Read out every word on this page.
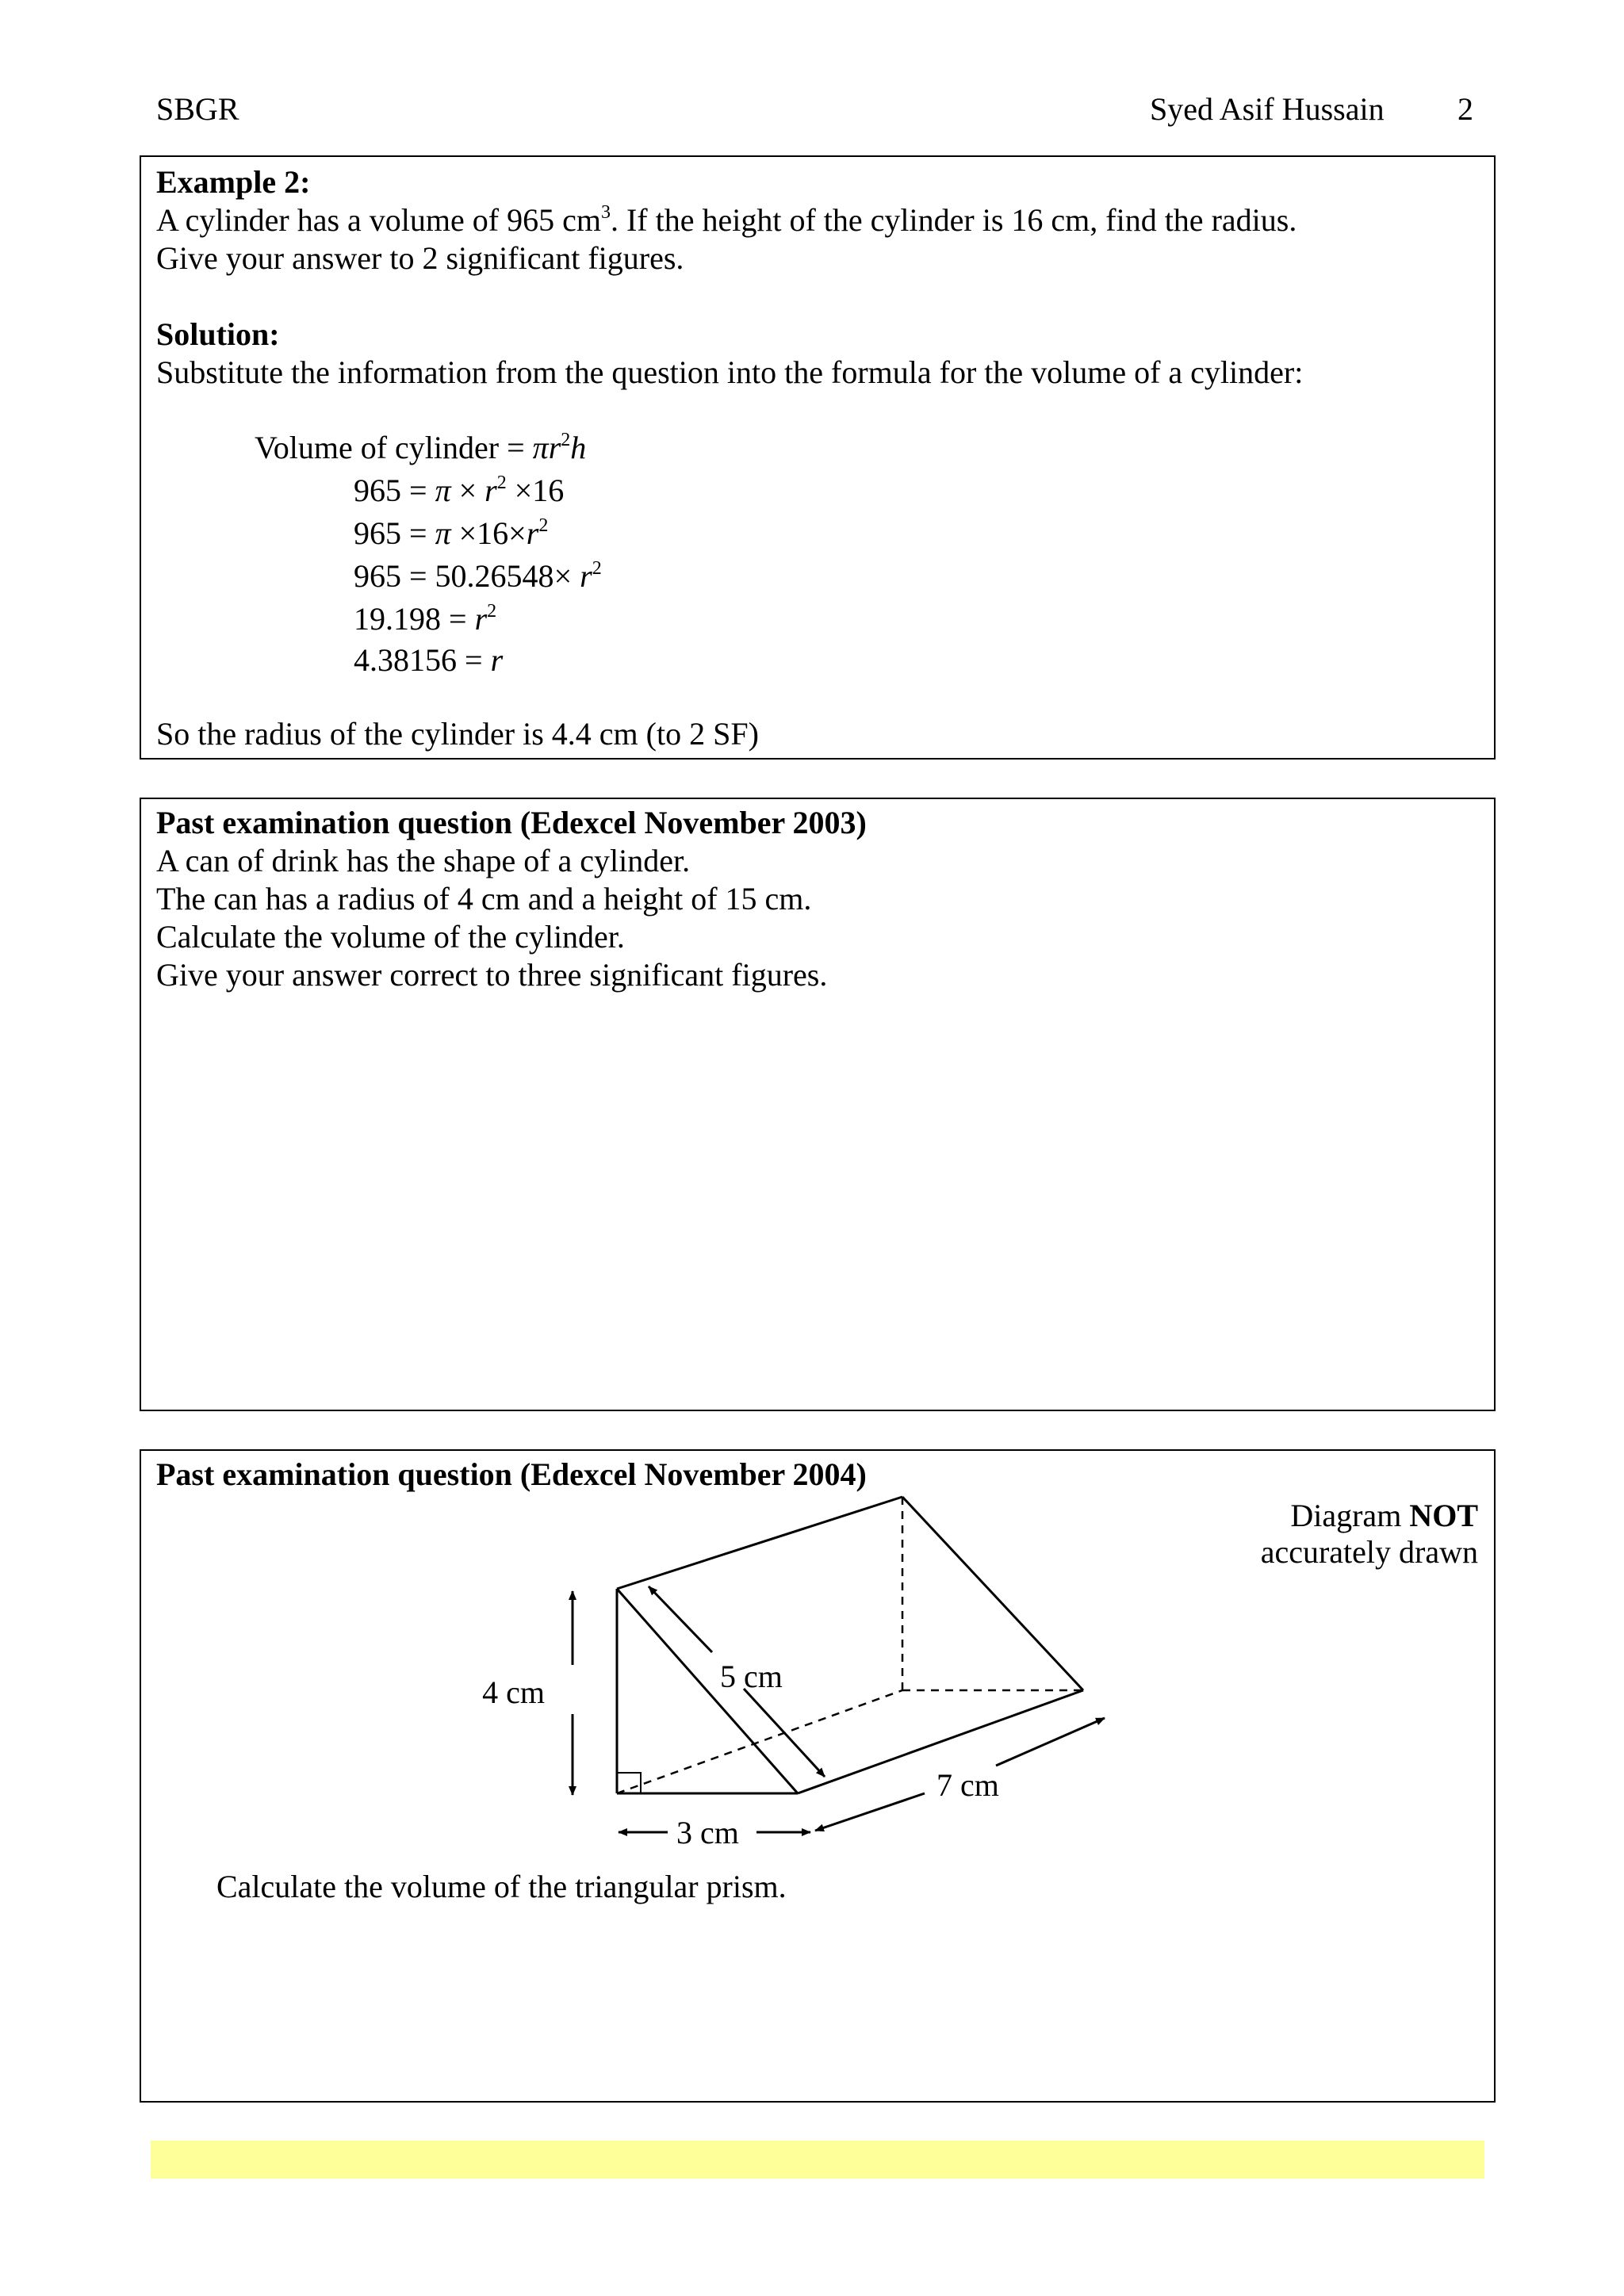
SBGR	Syed Asif Hussain 2
Example 2:
A cylinder has a volume of 965 $cm^3$. If the height of the cylinder is 16 cm, find the radius.
Give your answer to 2 significant figures.
Solution:
Substitute the information from the question into the formula for the volume of a cylinder:
Volume of cylinder = $\pi r^2h$
$965 = \pi \times r^2 \times 16$
$965 = \pi \times 16\times r^2$
$965 = 50.26548\times r^2$
$19.198 = r^2$
4.38156 = r
So the radius of the cylinder is 4.4 cm (to 2 SF)
Past examination question (Edexcel November 2003)
A can of drink has the shape of a cylinder.
The can has a radius of 4 cm and a height of 15 cm.
Calculate the volume of the cylinder.
Give your answer correct to three significant figures.
Past examination question (Edexcel November 2004)
Diagram NOT
accurately drawn
Calculate the volume of the triangular prism.
4 cm	5 cm
3 cm
7 cm
